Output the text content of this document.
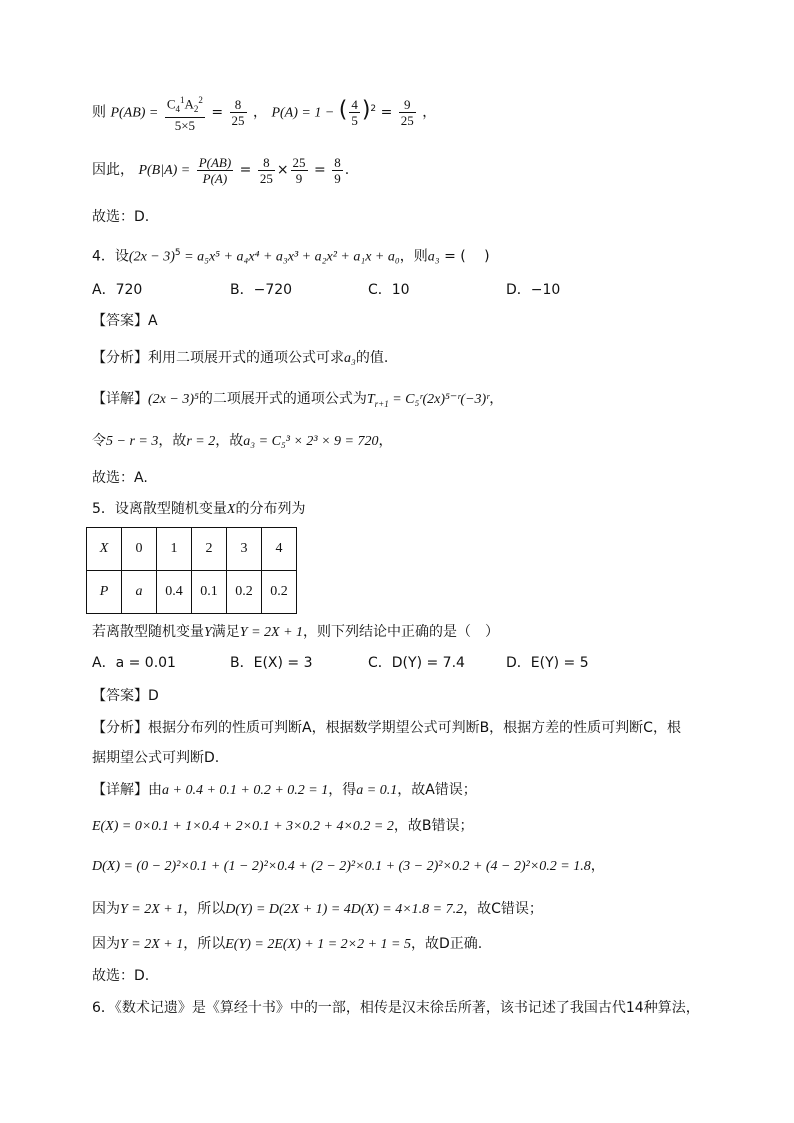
则 $P(AB) = \frac{C_4^1A_2^2}{5\times 5} = \frac{8}{25}$ ， P(A) = 1 − ( $\frac{4}{5} )^2 = \frac{9}{25}$ ，
因此， $P(B|A) = \frac{P(AB)}{P(A)} = \frac{8}{25} \times \frac{25}{9} = \frac{8}{9}$ .
故选：D.
4．设$(2x - 3)^5 = a_5x^5 + a_4x^4 + a_3x^3 + a_2x^2 + a_1x + a_0$，则a₃ = (　 )
A．720	B．−720	C．10	D．−10
【答案】A
【分析】利用二项展开式的通项公式可求a₃的值.
【详解】(2x − 3)⁵的二项展开式的通项公式为$T_{r+1}$ = C₅ʳ(2x)⁵⁻ʳ(−3)ʳ，
令5 − r = 3，故r = 2，故a₃ = C₅³ × 2³ × 9 = 720，
故选：A.
5．设离散型随机变量X的分布列为
X	0	1	2	3	4
P	a	0.4	0.1	0.2	0.2
若离散型随机变量Y满足Y = 2X + 1，则下列结论中正确的是（　）
A．a = 0.01	B．E(X) = 3	C．D(Y) = 7.4	D．E(Y) = 5
【答案】D
【分析】根据分布列的性质可判断A，根据数学期望公式可判断B，根据方差的性质可判断C，根
据期望公式可判断D.
【详解】由a + 0.4 + 0.1 + 0.2 + 0.2 = 1，得a = 0.1，故A错误；
E(X) = 0×0.1 + 1×0.4 + 2×0.1 + 3×0.2 + 4×0.2 = 2，故B错误；
D(X) = (0 − 2)²×0.1 + (1 − 2)²×0.4 + (2 − 2)²×0.1 + (3 − 2)²×0.2 + (4 − 2)²×0.2 = 1.8，
因为Y = 2X + 1，所以D(Y) = D(2X + 1) = 4D(X) = 4×1.8 = 7.2，故C错误；
因为Y = 2X + 1，所以E(Y) = 2E(X) + 1 = 2×2 + 1 = 5，故D正确.
故选：D.
6．《数术记遗》是《算经十书》中的一部，相传是汉末徐岳所著，该书记述了我国古代14种算法，
